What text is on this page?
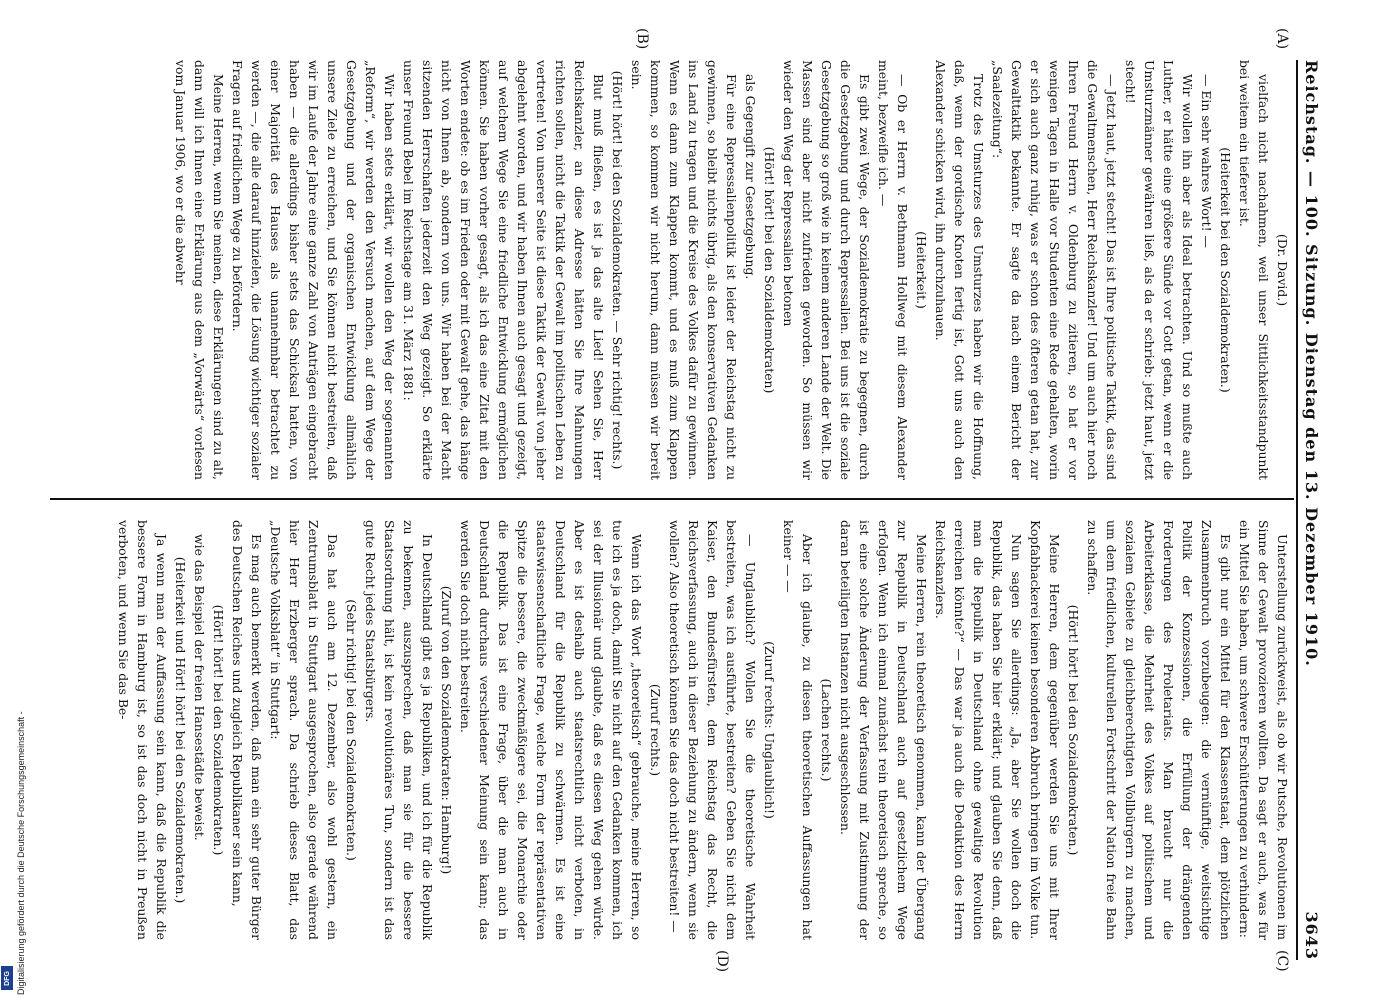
Reichstag. — 100. Sitzung. Dienstag den 13. Dezember 1910.
3643
(A)
(B)
(C)
(D)

(Dr. David.)

vielfach nicht nachahmen, weil unser Sittlichkeitsstandpunkt bei weitem ein tieferer ist.

(Heiterkeit bei den Sozialdemokraten.)

— Ein sehr wahres Wort! —

Wir wollen ihn aber als Ideal betrachten. Und so mußte auch Luther, er hätte eine größere Sünde vor Gott getan, wenn er die Umsturzmänner gewähren ließ, als da er schrieb: jetzt haut, jetzt stecht!

— Jetzt haut, jetzt stecht! Das ist Ihre politische Taktik, das sind die Gewaltmenschen, Herr Reichskanzler! Und um auch hier noch Ihren Freund Herrn v. Oldenburg zu zitieren, so hat er vor wenigen Tagen in Halle vor Studenten eine Rede gehalten, worin er sich auch ganz ruhig, was er schon des öfteren getan hat, zur Gewalttaktik bekannte. Er sagte da nach einem Bericht der „Saalezeitung“:

Trotz des Umsturzes des Umsturzes haben wir die Hoffnung, daß, wenn der gordische Knoten fertig ist, Gott uns auch den Alexander schicken wird, ihn durchzuhauen.

(Heiterkeit.)

— Ob er Herrn v. Bethmann Hollweg mit diesem Alexander meint, bezweifle ich. —

Es gibt zwei Wege, der Sozialdemokratie zu begegnen, durch die Gesetzgebung und durch Repressalien. Bei uns ist die soziale Gesetzgebung so groß wie in keinem anderen Lande der Welt. Die Massen sind aber nicht zufrieden geworden. So müssen wir wieder den Weg der Repressalien betonen

(Hört! hört! bei den Sozialdemokraten)

als Gegengift zur Gesetzgebung.

Für eine Repressalienpolitik ist leider der Reichstag nicht zu gewinnen, so bleibt nichts übrig, als den konservativen Gedanken ins Land zu tragen und die Kreise des Volkes dafür zu gewinnen. Wenn es dann zum Klappen kommt, und es muß zum Klappen kommen, so kommen wir nicht herum, dann müssen wir bereit sein.

(Hört! hört! bei den Sozialdemokraten. — Sehr richtig! rechts.)

Blut muß fließen, es ist ja das alte Lied! Sehen Sie, Herr Reichskanzler, an diese Adresse hätten Sie Ihre Mahnungen richten sollen, nicht die Taktik der Gewalt im politischen Leben zu vertreten! Von unserer Seite ist diese Taktik der Gewalt von jeher abgelehnt worden, und wir haben Ihnen auch gesagt und gezeigt, auf welchem Wege Sie eine friedliche Entwicklung ermöglichen können. Sie haben vorher gesagt, als ich das eine Zitat mit den Worten endete: ob es im Frieden oder mit Gewalt gehe, das hänge nicht von Ihnen ab, sondern von uns. Wir haben bei der Macht sitzenden Herrschaften jederzeit den Weg gezeigt. So erklärte unser Freund Bebel im Reichstage am 31. März 1881:

Wir haben stets erklärt, wir wollen den Weg der sogenannten „Reform“, wir werden den Versuch machen, auf dem Wege der Gesetzgebung und der organischen Entwicklung allmählich unsere Ziele zu erreichen, und Sie können nicht bestreiten, daß wir im Laufe der Jahre eine ganze Zahl von Anträgen eingebracht haben — die allerdings bisher stets das Schicksal hatten, von einer Majorität des Hauses als unannehmbar betrachtet zu werden —, die alle darauf hinzielen, die Lösung wichtiger sozialer Fragen auf friedlichem Wege zu befördern.

Meine Herren, wenn Sie meinen, diese Erklärungen sind zu alt, dann will ich Ihnen eine Erklärung aus dem „Vorwärts“ vorlesen vom Januar 1906, wo er die abwehr

Unterstellung zurückweist, als ob wir Putsche, Revolutionen im Sinne der Gewalt provozieren wollten. Da sagt er auch, was für ein Mittel Sie haben, um schwere Erschütterungen zu verhindern:

Es gibt nur ein Mittel für den Klassenstaat, dem plötzlichen Zusammenbruch vorzubeugen: die vernünftige, weitsichtige Politik der Konzessionen, die Erfüllung der drängenden Forderungen des Proletariats. Man braucht nur die Arbeiterklasse, die Mehrheit des Volkes auf politischem und sozialem Gebiete zu gleichberechtigten Vollbürgern zu machen, um dem friedlichen, kulturellen Fortschritt der Nation freie Bahn zu schaffen.

(Hört! hört! bei den Sozialdemokraten.)

Meine Herren, dem gegenüber werden Sie uns mit Ihrer Kopfabhackerei keinen besonderen Abbruch bringen im Volke tun.

Nun sagen Sie allerdings: „Ja, aber Sie wollen doch die Republik, das haben Sie hier erklärt; und glauben Sie denn, daß man die Republik in Deutschland ohne gewaltige Revolution erreichen könnte?“ — Das war ja auch die Deduktion des Herrn Reichskanzlers.

Meine Herren, rein theoretisch genommen, kann der Übergang zur Republik in Deutschland auch auf gesetzlichem Wege erfolgen. Wenn ich einmal zunächst rein theoretisch spreche, so ist eine solche Änderung der Verfassung mit Zustimmung der daran beteiligten Instanzen nicht ausgeschlossen.

(Lachen rechts.)

Aber ich glaube, zu diesen theoretischen Auffassungen hat keiner — —

(Zuruf rechts: Unglaublich!)

— Unglaublich? Wollen Sie die theoretische Wahrheit bestreiten, was ich ausführte, bestreiten? Geben Sie nicht dem Kaiser, den Bundesfürsten, dem Reichstag das Recht, die Reichsverfassung, auch in dieser Beziehung zu ändern, wenn sie wollen? Also theoretisch können Sie das doch nicht bestreiten! —

(Zuruf rechts.)

Wenn ich das Wort „theoretisch“ gebrauche, meine Herren, so tue ich es ja doch, damit Sie nicht auf den Gedanken kommen, ich sei der Illusionär und glaubte, daß es diesen Weg gehen würde. Aber es ist deshalb auch staatsrechtlich nicht verboten, in Deutschland für die Republik zu schwärmen. Es ist eine staatswissenschaftliche Frage, welche Form der repräsentativen Spitze die bessere, die zweckmäßigere sei, die Monarchie oder die Republik. Das ist eine Frage, über die man auch in Deutschland durchaus verschiedener Meinung sein kann; das werden Sie doch nicht bestreiten.

(Zuruf von den Sozialdemokraten: Hamburg!)

In Deutschland gibt es ja Republiken, und ich für die Republik zu bekennen, auszusprechen, daß man sie für die bessere Staatsordnung hält, ist kein revolutionäres Tun, sondern ist das gute Recht jedes Staatsbürgers.

(Sehr richtig! bei den Sozialdemokraten.)

Das hat auch am 12. Dezember, also wohl gestern, ein Zentrumsblatt in Stuttgart ausgesprochen, also gerade während hier Herr Erzberger sprach. Da schrieb dieses Blatt, das „Deutsche Volksblatt“ in Stuttgart:

Es mag auch bemerkt werden, daß man ein sehr guter Bürger des Deutschen Reiches und zugleich Republikaner sein kann,

(Hört! hört! bei den Sozialdemokraten.)

wie das Beispiel der freien Hansestädte beweist.

(Heiterkeit und Hört! hört! bei den Sozialdemokraten.)

Ja wenn man der Auffassung sein kann, daß die Republik die bessere Form in Hamburg ist, so ist das doch nicht in Preußen verboten, und wenn Sie das Be-

Digitalisierung gefördert durch die Deutsche Forschungsgemeinschaft -
DFG
